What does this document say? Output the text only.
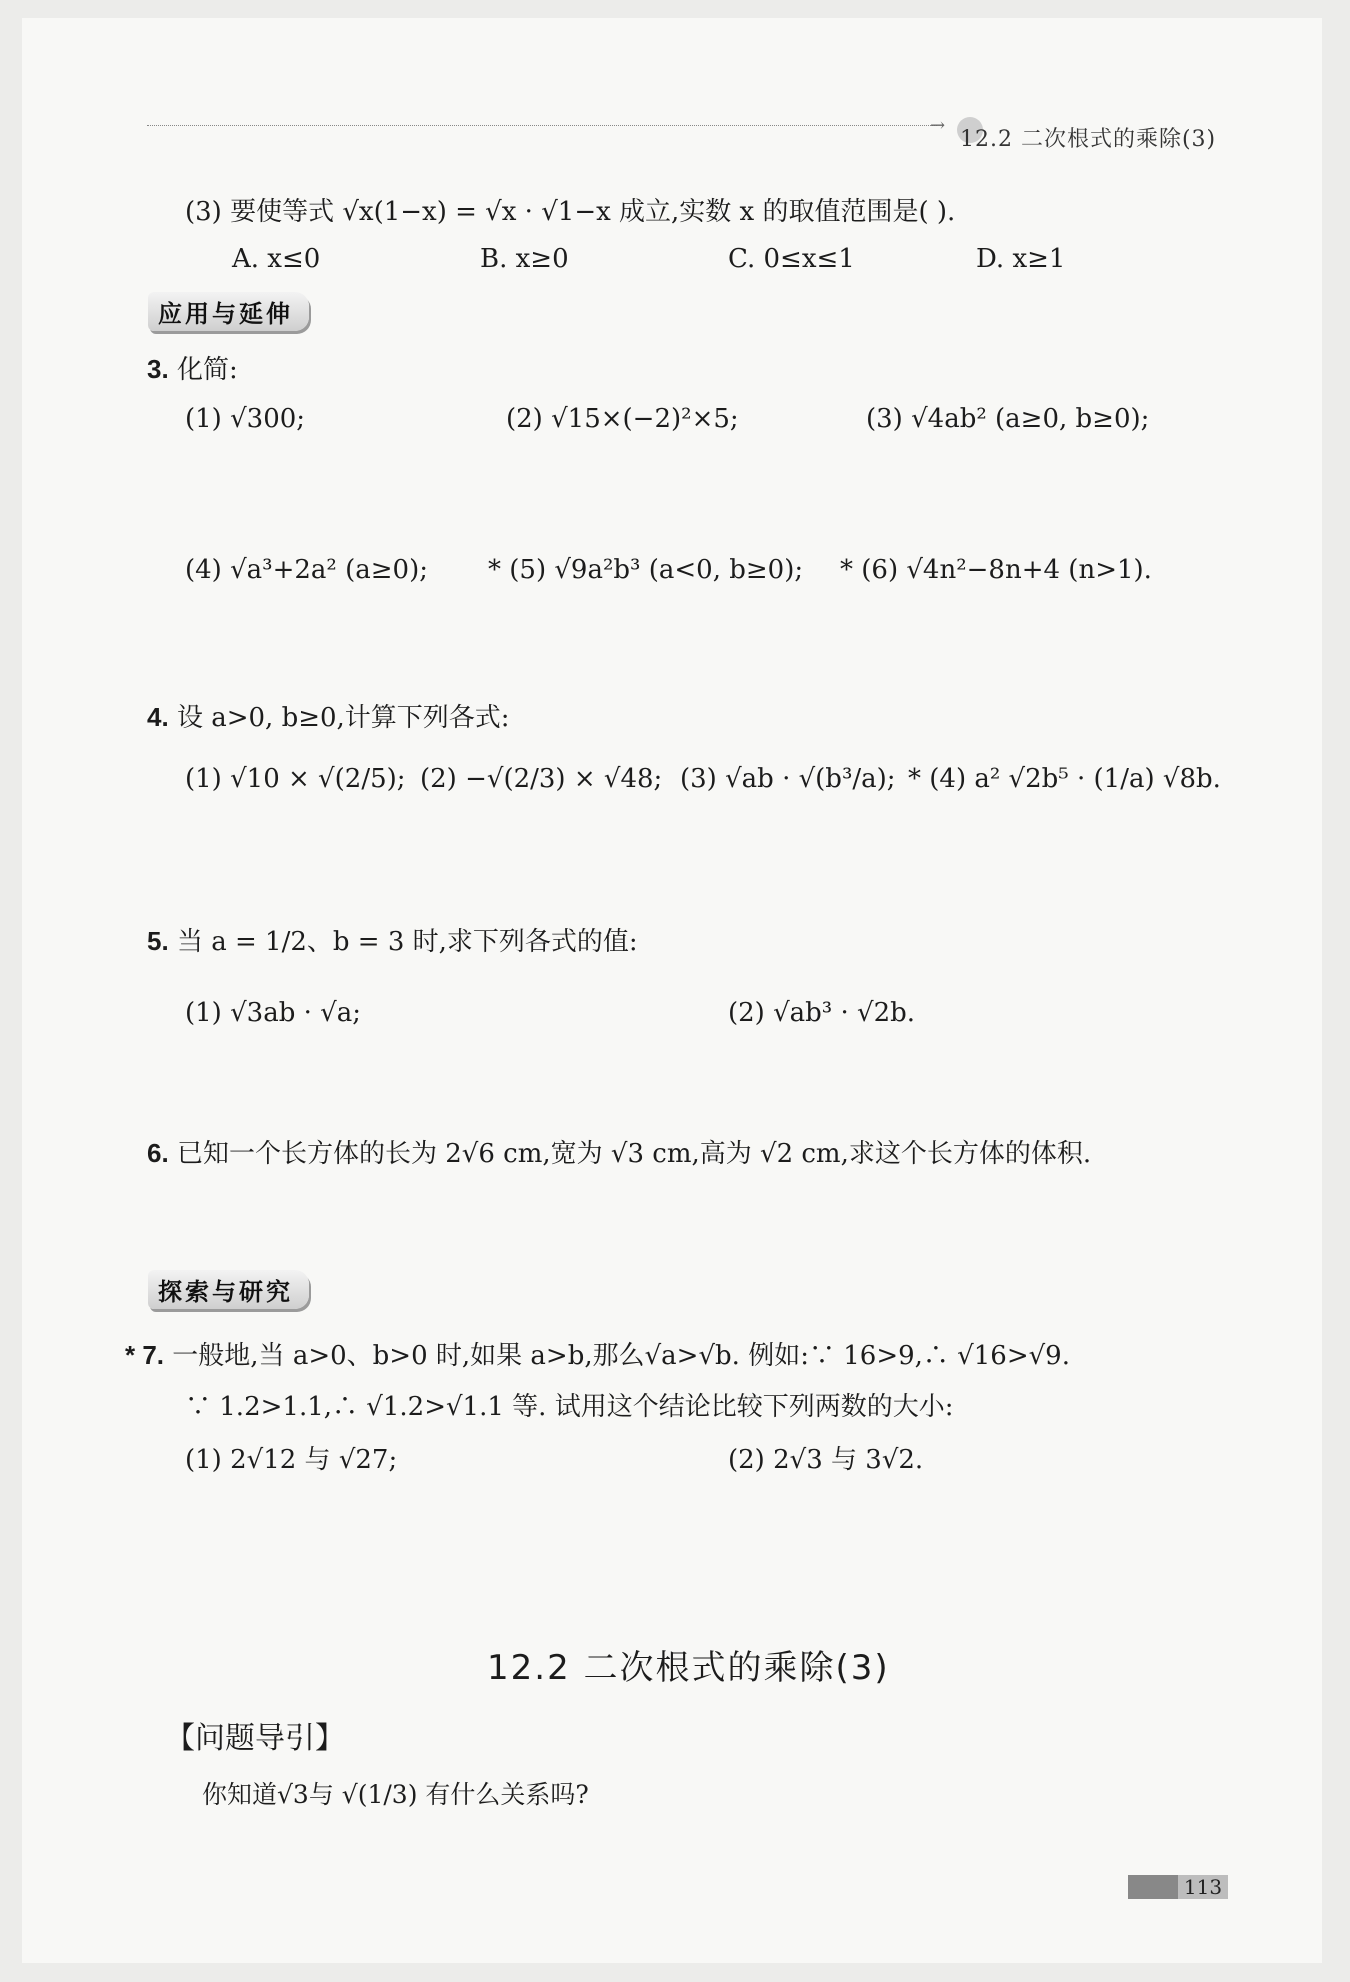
→
12.2 二次根式的乘除(3)
(3) 要使等式 √x(1−x) = √x · √1−x 成立,实数 x 的取值范围是( ).
A. x≤0	B. x≥0	C. 0≤x≤1	D. x≥1
应用与延伸
3. 化简:
(1) √300;	(2) √15×(−2)²×5;	(3) √4ab² (a≥0, b≥0);
(4) √a³+2a² (a≥0); * (5) √9a²b³ (a<0, b≥0); * (6) √4n²−8n+4 (n>1).
4. 设 a>0, b≥0,计算下列各式:
(1) √10 × √(2/5); (2) −√(2/3) × √48; (3) √ab · √(b³/a); * (4) a² √2b⁵ · (1/a) √8b.
5. 当 a = 1/2、b = 3 时,求下列各式的值:
(1) √3ab · √a;	(2) √ab³ · √2b.
6. 已知一个长方体的长为 2√6 cm,宽为 √3 cm,高为 √2 cm,求这个长方体的体积.
探索与研究
* 7. 一般地,当 a>0、b>0 时,如果 a>b,那么√a>√b. 例如:∵ 16>9,∴ √16>√9.
∵ 1.2>1.1,∴ √1.2>√1.1 等. 试用这个结论比较下列两数的大小:
(1) 2√12 与 √27;	(2) 2√3 与 3√2.
12.2 二次根式的乘除(3)
【问题导引】
你知道√3与 √(1/3) 有什么关系吗?
113
